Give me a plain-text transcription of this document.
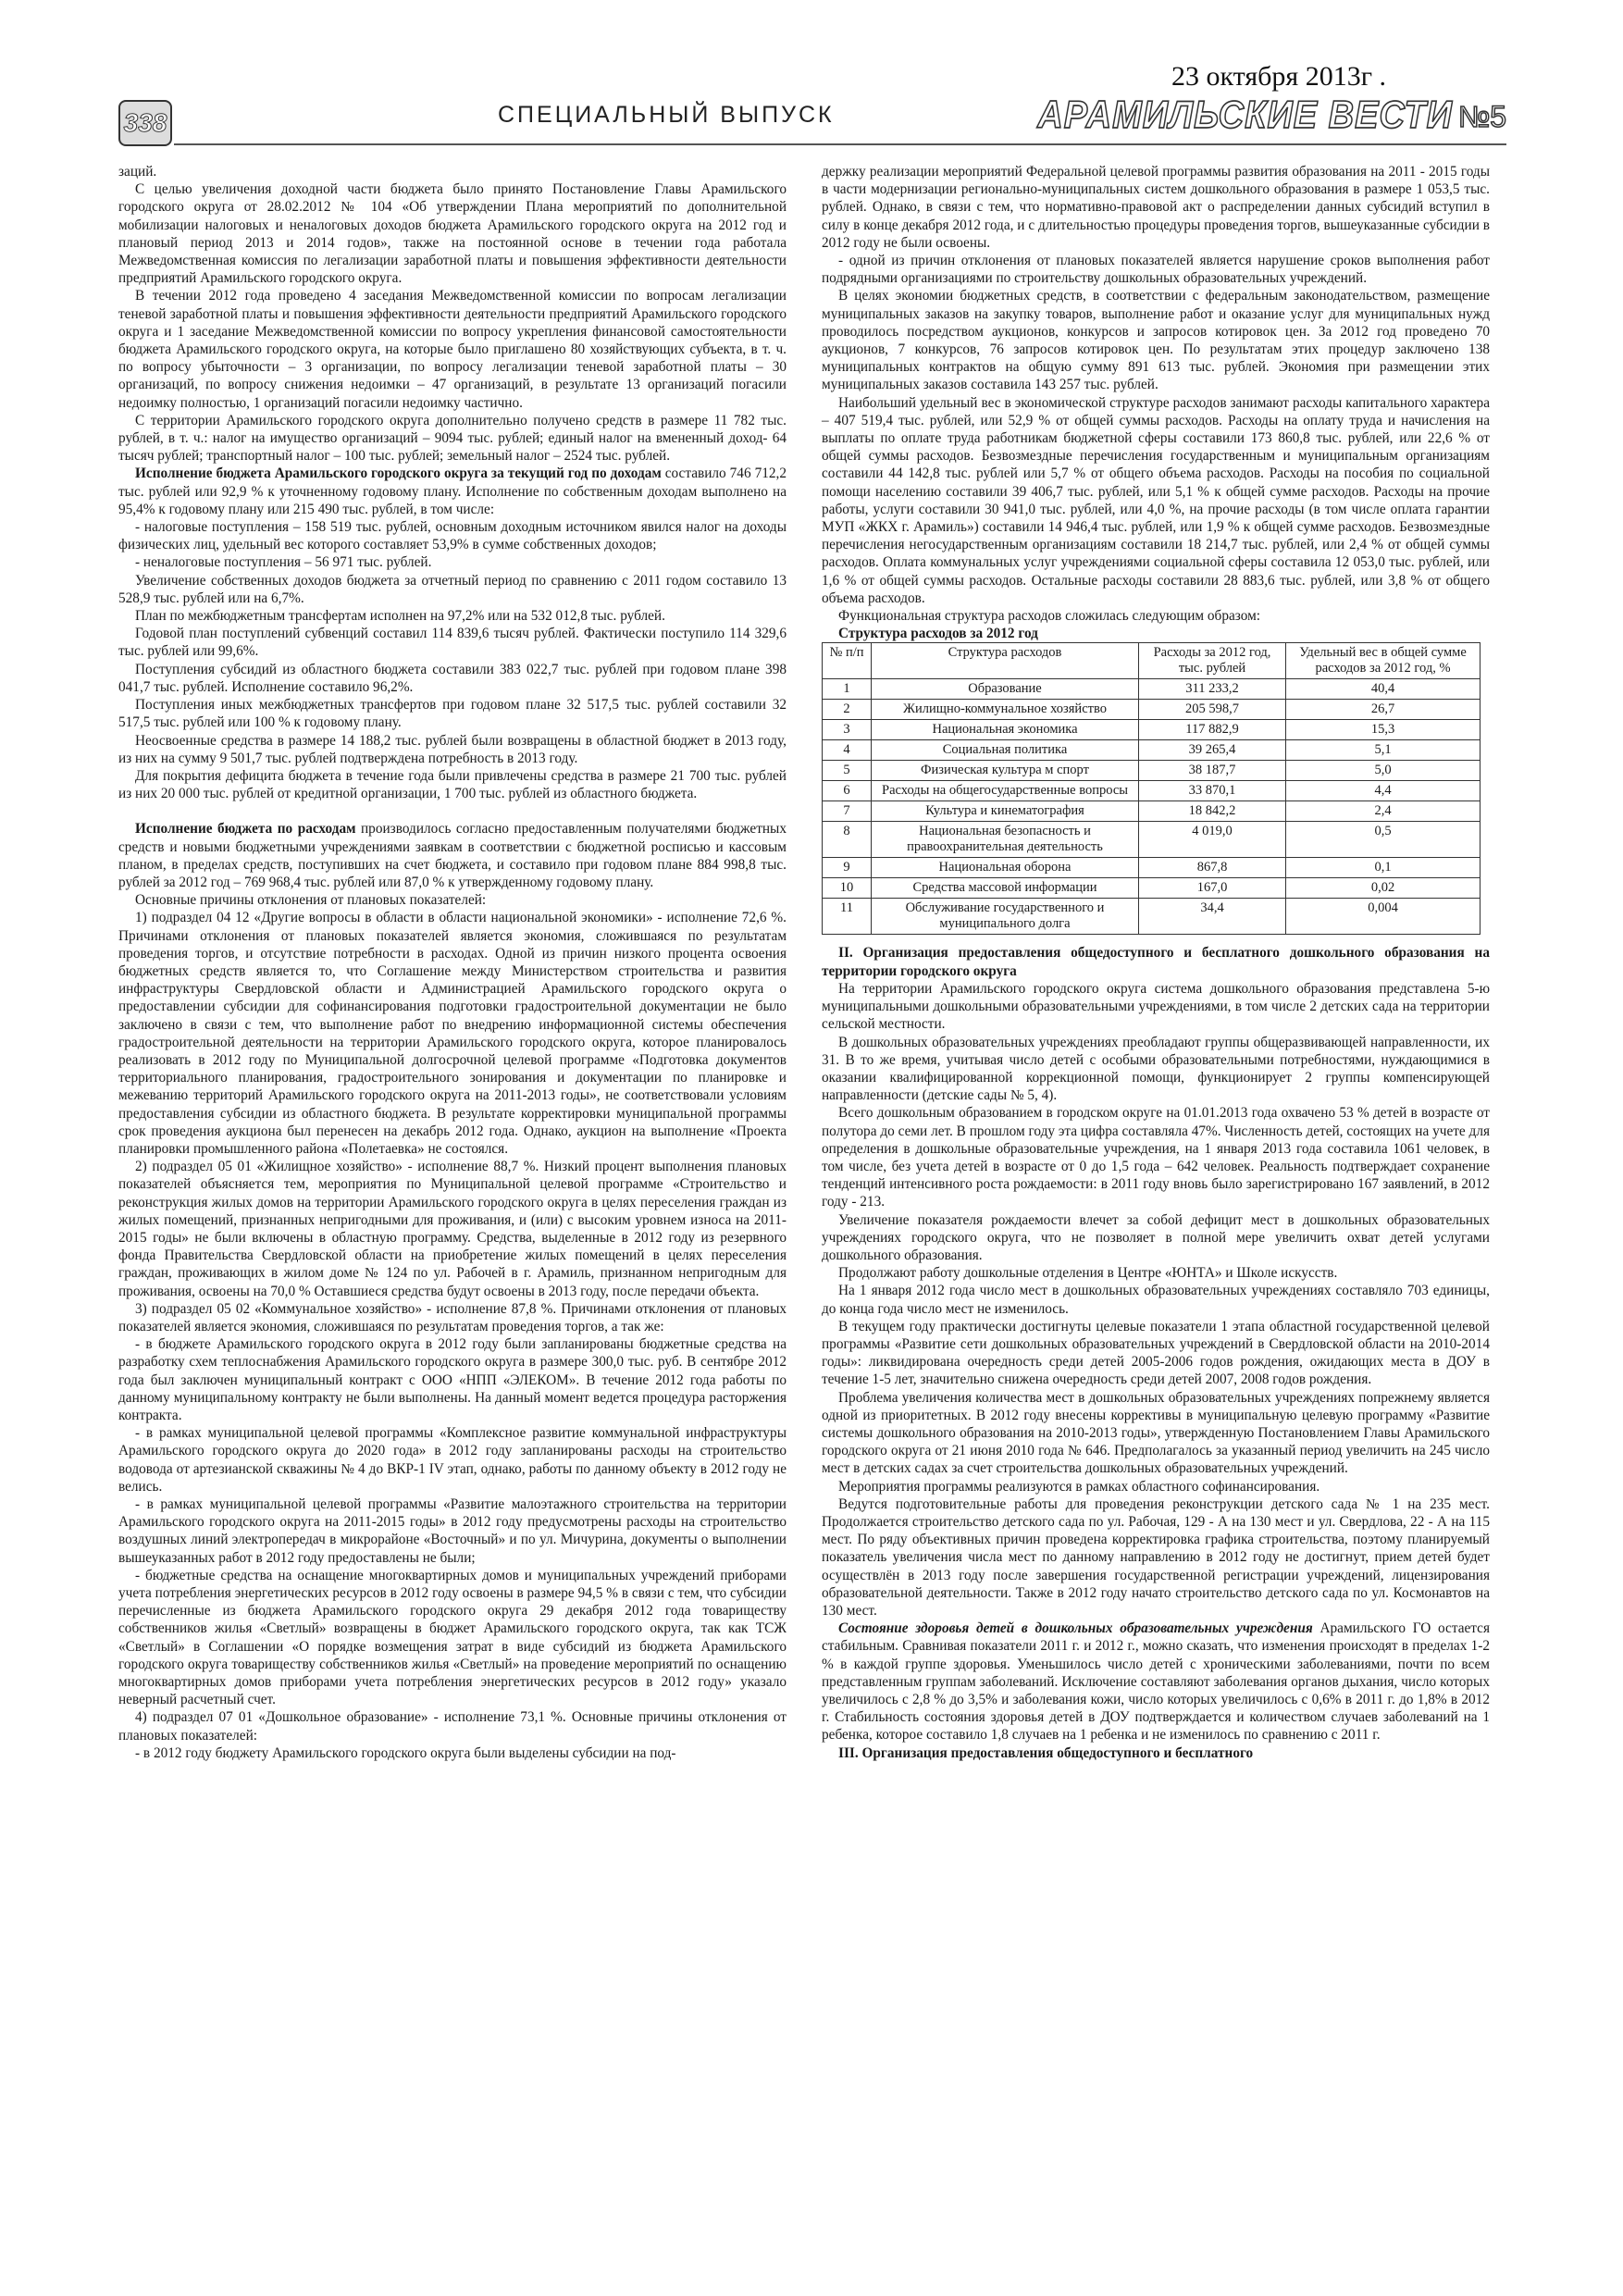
338	СПЕЦИАЛЬНЫЙ ВЫПУСК
23 октября 2013г .
АРАМИЛЬСКИЕ ВЕСТИ №5

заций.

С целью увеличения доходной части бюджета было принято Постановление Главы Арамильского городского округа от 28.02.2012 № 104 «Об утверждении Плана мероприятий по дополнительной мобилизации налоговых и неналоговых доходов бюджета Арамильского городского округа на 2012 год и плановый период 2013 и 2014 годов», также на постоянной основе в течении года работала Межведомственная комиссия по легализации заработной платы и повышения эффективности деятельности предприятий Арамильского городского округа.

В течении 2012 года проведено 4 заседания Межведомственной комиссии по вопросам легализации теневой заработной платы и повышения эффективности деятельности предприятий Арамильского городского округа и 1 заседание Межведомственной комиссии по вопросу укрепления финансовой самостоятельности бюджета Арамильского городского округа, на которые было приглашено 80 хозяйствующих субъекта, в т. ч. по вопросу убыточности – 3 организации, по вопросу легализации теневой заработной платы – 30 организаций, по вопросу снижения недоимки – 47 организаций, в результате 13 организаций погасили недоимку полностью, 1 организаций погасили недоимку частично.

С территории Арамильского городского округа дополнительно получено средств в размере 11 782 тыс. рублей, в т. ч.: налог на имущество организаций – 9094 тыс. рублей; единый налог на вмененный доход- 64 тысяч рублей; транспортный налог – 100 тыс. рублей; земельный налог – 2524 тыс. рублей.

Исполнение бюджета Арамильского городского округа за текущий год по доходам составило 746 712,2 тыс. рублей или 92,9 % к уточненному годовому плану. Исполнение по собственным доходам выполнено на 95,4% к годовому плану или 215 490 тыс. рублей, в том числе:

- налоговые поступления – 158 519 тыс. рублей, основным доходным источником явился налог на доходы физических лиц, удельный вес которого составляет 53,9% в сумме собственных доходов;

- неналоговые поступления – 56 971 тыс. рублей.

Увеличение собственных доходов бюджета за отчетный период по сравнению с 2011 годом составило 13 528,9 тыс. рублей или на 6,7%.

План по межбюджетным трансфертам исполнен на 97,2% или на 532 012,8 тыс. рублей.

Годовой план поступлений субвенций составил 114 839,6 тысяч рублей. Фактически поступило 114 329,6 тыс. рублей или 99,6%.

Поступления субсидий из областного бюджета составили 383 022,7 тыс. рублей при годовом плане 398 041,7 тыс. рублей. Исполнение составило 96,2%.

Поступления иных межбюджетных трансфертов при годовом плане 32 517,5 тыс. рублей составили 32 517,5 тыс. рублей или 100 % к годовому плану.

Неосвоенные средства в размере 14 188,2 тыс. рублей были возвращены в областной бюджет в 2013 году, из них на сумму 9 501,7 тыс. рублей подтверждена потребность в 2013 году.

Для покрытия дефицита бюджета в течение года были привлечены средства в размере 21 700 тыс. рублей из них 20 000 тыс. рублей от кредитной организации, 1 700 тыс. рублей из областного бюджета.

Исполнение бюджета по расходам производилось согласно предоставленным получателями бюджетных средств и новыми бюджетными учреждениями заявкам в соответствии с бюджетной росписью и кассовым планом, в пределах средств, поступивших на счет бюджета, и составило при годовом плане 884 998,8 тыс. рублей за 2012 год – 769 968,4 тыс. рублей или 87,0 % к утвержденному годовому плану.

Основные причины отклонения от плановых показателей:

1) подраздел 04 12 «Другие вопросы в области в области национальной экономики» - исполнение 72,6 %. Причинами отклонения от плановых показателей является экономия, сложившаяся по результатам проведения торгов, и отсутствие потребности в расходах. Одной из причин низкого процента освоения бюджетных средств является то, что Соглашение между Министерством строительства и развития инфраструктуры Свердловской области и Администрацией Арамильского городского округа о предоставлении субсидии для софинансирования подготовки градостроительной документации не было заключено в связи с тем, что выполнение работ по внедрению информационной системы обеспечения градостроительной деятельности на территории Арамильского городского округа, которое планировалось реализовать в 2012 году по Муниципальной долгосрочной целевой программе «Подготовка документов территориального планирования, градостроительного зонирования и документации по планировке и межеванию территорий Арамильского городского округа на 2011-2013 годы», не соответствовали условиям предоставления субсидии из областного бюджета. В результате корректировки муниципальной программы срок проведения аукциона был перенесен на декабрь 2012 года. Однако, аукцион на выполнение «Проекта планировки промышленного района «Полетаевка» не состоялся.

2) подраздел 05 01 «Жилищное хозяйство» - исполнение 88,7 %. Низкий процент выполнения плановых показателей объясняется тем, мероприятия по Муниципальной целевой программе «Строительство и реконструкция жилых домов на территории Арамильского городского округа в целях переселения граждан из жилых помещений, признанных непригодными для проживания, и (или) с высоким уровнем износа на 2011-2015 годы» не были включены в областную программу. Средства, выделенные в 2012 году из резервного фонда Правительства Свердловской области на приобретение жилых помещений в целях переселения граждан, проживающих в жилом доме № 124 по ул. Рабочей в г. Арамиль, признанном непригодным для проживания, освоены на 70,0 % Оставшиеся средства будут освоены в 2013 году, после передачи объекта.

3) подраздел 05 02 «Коммунальное хозяйство» - исполнение 87,8 %. Причинами отклонения от плановых показателей является экономия, сложившаяся по результатам проведения торгов, а так же:

- в бюджете Арамильского городского округа в 2012 году были запланированы бюджетные средства на разработку схем теплоснабжения Арамильского городского округа в размере 300,0 тыс. руб. В сентябре 2012 года был заключен муниципальный контракт с ООО «НПП «ЭЛЕКОМ». В течение 2012 года работы по данному муниципальному контракту не были выполнены. На данный момент ведется процедура расторжения контракта.

- в рамках муниципальной целевой программы «Комплексное развитие коммунальной инфраструктуры Арамильского городского округа до 2020 года» в 2012 году запланированы расходы на строительство водовода от артезианской скважины № 4 до ВКР-1 IV этап, однако, работы по данному объекту в 2012 году не велись.

- в рамках муниципальной целевой программы «Развитие малоэтажного строительства на территории Арамильского городского округа на 2011-2015 годы» в 2012 году предусмотрены расходы на строительство воздушных линий электропередач в микрорайоне «Восточный» и по ул. Мичурина, документы о выполнении вышеуказанных работ в 2012 году предоставлены не были;

- бюджетные средства на оснащение многоквартирных домов и муниципальных учреждений приборами учета потребления энергетических ресурсов в 2012 году освоены в размере 94,5 % в связи с тем, что субсидии перечисленные из бюджета Арамильского городского округа 29 декабря 2012 года товариществу собственников жилья «Светлый» возвращены в бюджет Арамильского городского округа, так как ТСЖ «Светлый» в Соглашении «О порядке возмещения затрат в виде субсидий из бюджета Арамильского городского округа товариществу собственников жилья «Светлый» на проведение мероприятий по оснащению многоквартирных домов приборами учета потребления энергетических ресурсов в 2012 году» указало неверный расчетный счет.

4) подраздел 07 01 «Дошкольное образование» - исполнение 73,1 %. Основные причины отклонения от плановых показателей:

- в 2012 году бюджету Арамильского городского округа были выделены субсидии на под-

держку реализации мероприятий Федеральной целевой программы развития образования на 2011 - 2015 годы в части модернизации регионально-муниципальных систем дошкольного образования в размере 1 053,5 тыс. рублей. Однако, в связи с тем, что нормативно-правовой акт о распределении данных субсидий вступил в силу в конце декабря 2012 года, и с длительностью процедуры проведения торгов, вышеуказанные субсидии в 2012 году не были освоены.

- одной из причин отклонения от плановых показателей является нарушение сроков выполнения работ подрядными организациями по строительству дошкольных образовательных учреждений.

В целях экономии бюджетных средств, в соответствии с федеральным законодательством, размещение муниципальных заказов на закупку товаров, выполнение работ и оказание услуг для муниципальных нужд проводилось посредством аукционов, конкурсов и запросов котировок цен. За 2012 год проведено 70 аукционов, 7 конкурсов, 76 запросов котировок цен. По результатам этих процедур заключено 138 муниципальных контрактов на общую сумму 891 613 тыс. рублей. Экономия при размещении этих муниципальных заказов составила 143 257 тыс. рублей.

Наибольший удельный вес в экономической структуре расходов занимают расходы капитального характера – 407 519,4 тыс. рублей, или 52,9 % от общей суммы расходов. Расходы на оплату труда и начисления на выплаты по оплате труда работникам бюджетной сферы составили 173 860,8 тыс. рублей, или 22,6 % от общей суммы расходов. Безвозмездные перечисления государственным и муниципальным организациям составили 44 142,8 тыс. рублей или 5,7 % от общего объема расходов. Расходы на пособия по социальной помощи населению составили 39 406,7 тыс. рублей, или 5,1 % к общей сумме расходов. Расходы на прочие работы, услуги составили 30 941,0 тыс. рублей, или 4,0 %, на прочие расходы (в том числе оплата гарантии МУП «ЖКХ г. Арамиль») составили 14 946,4 тыс. рублей, или 1,9 % к общей сумме расходов. Безвозмездные перечисления негосударственным организациям составили 18 214,7 тыс. рублей, или 2,4 % от общей суммы расходов. Оплата коммунальных услуг учреждениями социальной сферы составила 12 053,0 тыс. рублей, или 1,6 % от общей суммы расходов. Остальные расходы составили 28 883,6 тыс. рублей, или 3,8 % от общего объема расходов.

Функциональная структура расходов сложилась следующим образом:

Структура расходов за 2012 год

№ п/п	Структура расходов	Расходы за 2012 год, тыс. рублей	Удельный вес в общей сумме расходов за 2012 год, %
1	Образование	311 233,2	40,4
2	Жилищно-коммунальное хозяйство	205 598,7	26,7
3	Национальная экономика	117 882,9	15,3
4	Социальная политика	39 265,4	5,1
5	Физическая культура м спорт	38 187,7	5,0
6	Расходы на общегосударственные вопросы	33 870,1	4,4
7	Культура и кинематография	18 842,2	2,4
8	Национальная безопасность и правоохранительная деятельность	4 019,0	0,5
9	Национальная оборона	867,8	0,1
10	Средства массовой информации	167,0	0,02
11	Обслуживание государственного и муниципального долга	34,4	0,004

II. Организация предоставления общедоступного и бесплатного дошкольного образования на территории городского округа

На территории Арамильского городского округа система дошкольного образования представлена 5-ю муниципальными дошкольными образовательными учреждениями, в том числе 2 детских сада на территории сельской местности.

В дошкольных образовательных учреждениях преобладают группы общеразвивающей направленности, их 31. В то же время, учитывая число детей с особыми образовательными потребностями, нуждающимися в оказании квалифицированной коррекционной помощи, функционирует 2 группы компенсирующей направленности (детские сады № 5, 4).

Всего дошкольным образованием в городском округе на 01.01.2013 года охвачено 53 % детей в возрасте от полутора до семи лет. В прошлом году эта цифра составляла 47%. Численность детей, состоящих на учете для определения в дошкольные образовательные учреждения, на 1 января 2013 года составила 1061 человек, в том числе, без учета детей в возрасте от 0 до 1,5 года – 642 человек. Реальность подтверждает сохранение тенденций интенсивного роста рождаемости: в 2011 году вновь было зарегистрировано 167 заявлений, в 2012 году - 213.

Увеличение показателя рождаемости влечет за собой дефицит мест в дошкольных образовательных учреждениях городского округа, что не позволяет в полной мере увеличить охват детей услугами дошкольного образования.

Продолжают работу дошкольные отделения в Центре «ЮНТА» и Школе искусств.

На 1 января 2012 года число мест в дошкольных образовательных учреждениях составляло 703 единицы, до конца года число мест не изменилось.

В текущем году практически достигнуты целевые показатели 1 этапа областной государственной целевой программы «Развитие сети дошкольных образовательных учреждений в Свердловской области на 2010-2014 годы»: ликвидирована очередность среди детей 2005-2006 годов рождения, ожидающих места в ДОУ в течение 1-5 лет, значительно снижена очередность среди детей 2007, 2008 годов рождения.

Проблема увеличения количества мест в дошкольных образовательных учреждениях попрежнему является одной из приоритетных. В 2012 году внесены коррективы в муниципальную целевую программу «Развитие системы дошкольного образования на 2010-2013 годы», утвержденную Постановлением Главы Арамильского городского округа от 21 июня 2010 года № 646. Предполагалось за указанный период увеличить на 245 число мест в детских садах за счет строительства дошкольных образовательных учреждений.

Мероприятия программы реализуются в рамках областного софинансирования.

Ведутся подготовительные работы для проведения реконструкции детского сада № 1 на 235 мест. Продолжается строительство детского сада по ул. Рабочая, 129 - А на 130 мест и ул. Свердлова, 22 - А на 115 мест. По ряду объективных причин проведена корректировка графика строительства, поэтому планируемый показатель увеличения числа мест по данному направлению в 2012 году не достигнут, прием детей будет осуществлён в 2013 году после завершения государственной регистрации учреждений, лицензирования образовательной деятельности. Также в 2012 году начато строительство детского сада по ул. Космонавтов на 130 мест.

Состояние здоровья детей в дошкольных образовательных учреждения Арамильского ГО остается стабильным. Сравнивая показатели 2011 г. и 2012 г., можно сказать, что изменения происходят в пределах 1-2 % в каждой группе здоровья. Уменьшилось число детей с хроническими заболеваниями, почти по всем представленным группам заболеваний. Исключение составляют заболевания органов дыхания, число которых увеличилось с 2,8 % до 3,5% и заболевания кожи, число которых увеличилось с 0,6% в 2011 г. до 1,8% в 2012 г. Стабильность состояния здоровья детей в ДОУ подтверждается и количеством случаев заболеваний на 1 ребенка, которое составило 1,8 случаев на 1 ребенка и не изменилось по сравнению с 2011 г.

III. Организация предоставления общедоступного и бесплатного
